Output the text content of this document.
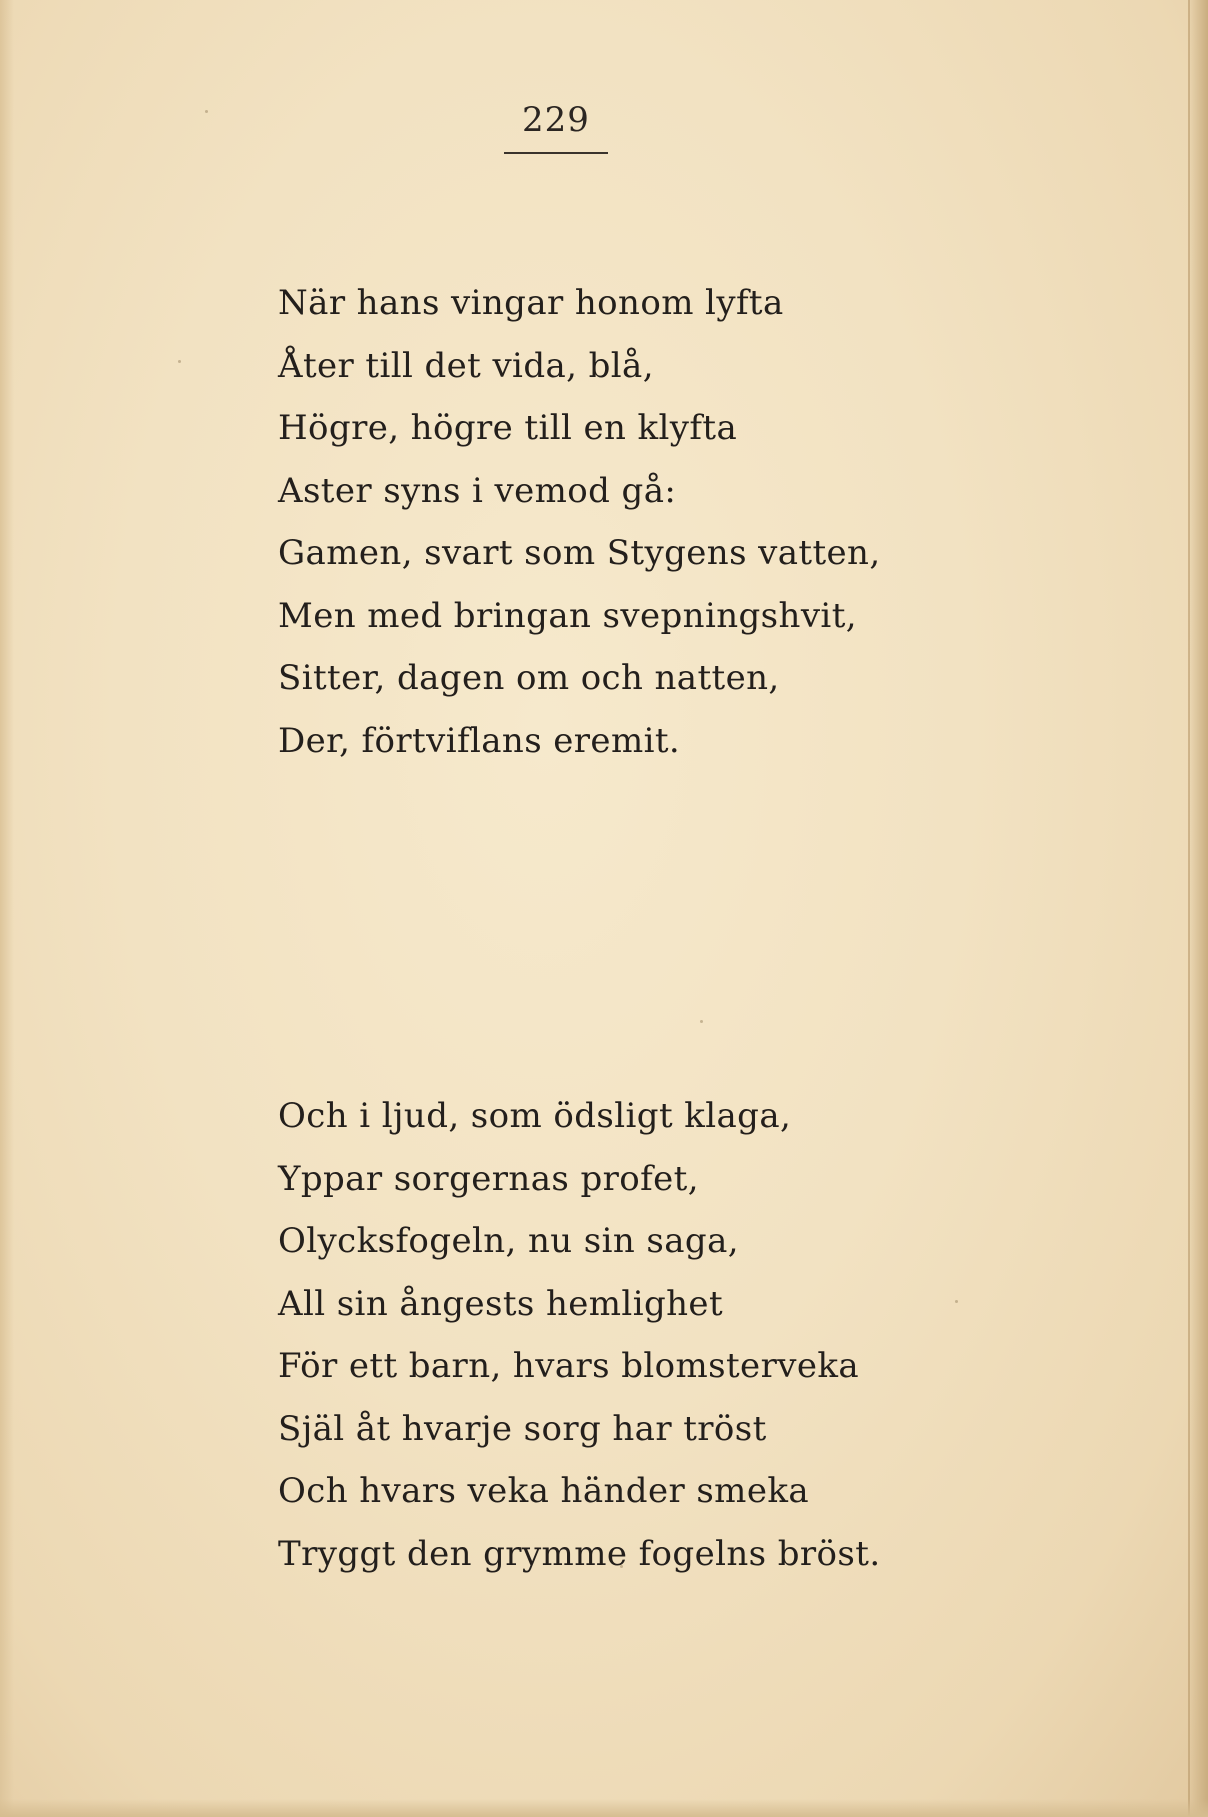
229
När hans vingar honom lyfta
Åter till det vida, blå,
Högre, högre till en klyfta
Aster syns i vemod gå:
Gamen, svart som Stygens vatten,
Men med bringan svepningshvit,
Sitter, dagen om och natten,
Der, förtviflans eremit.
Och i ljud, som ödsligt klaga,
Yppar sorgernas profet,
Olycksfogeln, nu sin saga,
All sin ångests hemlighet
För ett barn, hvars blomsterveka
Själ åt hvarje sorg har tröst
Och hvars veka händer smeka
Tryggt den grymme fogelns bröst.
